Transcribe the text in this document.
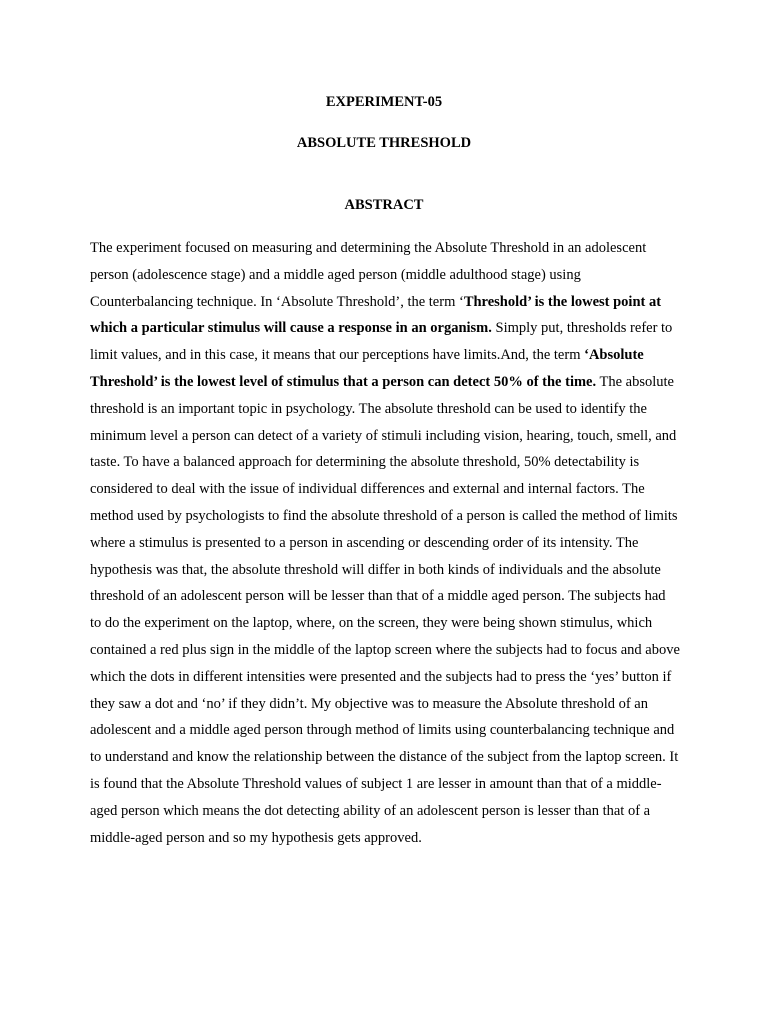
EXPERIMENT-05
ABSOLUTE THRESHOLD
ABSTRACT

The experiment focused on measuring and determining the Absolute Threshold in an adolescent person (adolescence stage) and a middle aged person (middle adulthood stage) using Counterbalancing technique. In ‘Absolute Threshold’, the term ‘Threshold’ is the lowest point at which a particular stimulus will cause a response in an organism. Simply put, thresholds refer to limit values, and in this case, it means that our perceptions have limits.And, the term ‘Absolute Threshold’ is the lowest level of stimulus that a person can detect 50% of the time. The absolute threshold is an important topic in psychology. The absolute threshold can be used to identify the minimum level a person can detect of a variety of stimuli including vision, hearing, touch, smell, and taste. To have a balanced approach for determining the absolute threshold, 50% detectability is considered to deal with the issue of individual differences and external and internal factors. The method used by psychologists to find the absolute threshold of a person is called the method of limits where a stimulus is presented to a person in ascending or descending order of its intensity. The hypothesis was that, the absolute threshold will differ in both kinds of individuals and the absolute threshold of an adolescent person will be lesser than that of a middle aged person. The subjects had to do the experiment on the laptop, where, on the screen, they were being shown stimulus, which contained a red plus sign in the middle of the laptop screen where the subjects had to focus and above which the dots in different intensities were presented and the subjects had to press the ‘yes’ button if they saw a dot and ‘no’ if they didn’t. My objective was to measure the Absolute threshold of an adolescent and a middle aged person through method of limits using counterbalancing technique and to understand and know the relationship between the distance of the subject from the laptop screen. It is found that the Absolute Threshold values of subject 1 are lesser in amount than that of a middle-aged person which means the dot detecting ability of an adolescent person is lesser than that of a middle-aged person and so my hypothesis gets approved.
